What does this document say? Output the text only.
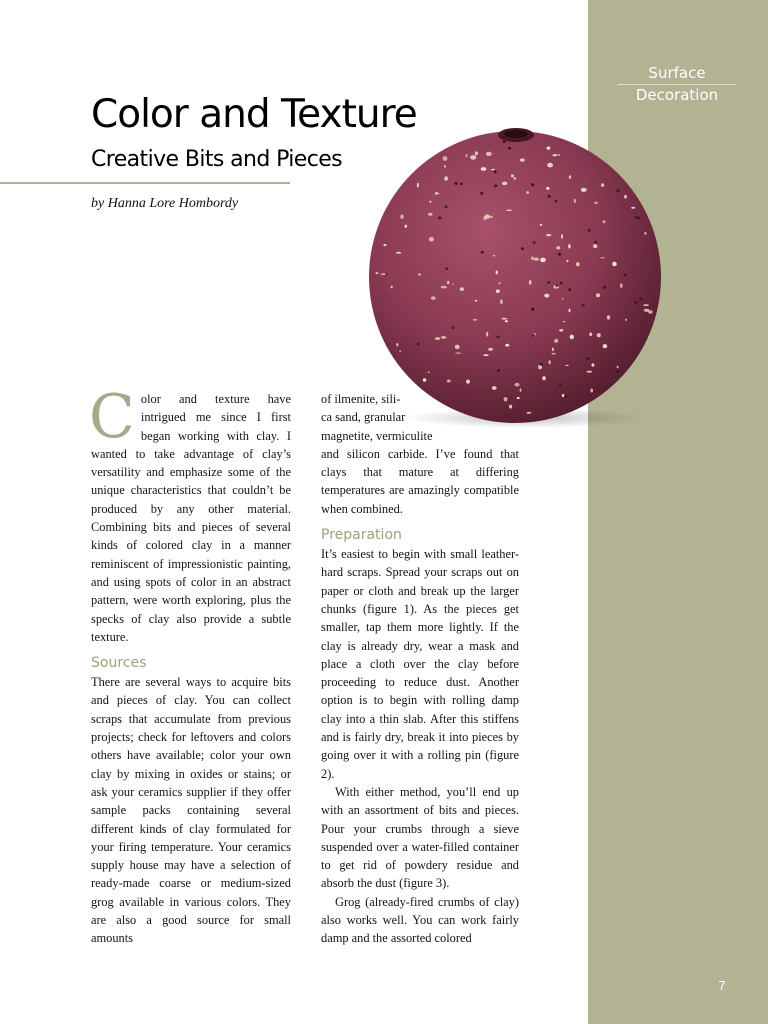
Surface
Decoration
Color and Texture
Creative Bits and Pieces
by Hanna Lore Hombordy

Color and texture have intrigued me since I first began working with clay. I wanted to take advantage of clay’s versatility and emphasize some of the unique characteristics that couldn’t be produced by any other material. Combining bits and pieces of several kinds of colored clay in a manner reminiscent of impressionistic painting, and using spots of color in an abstract pattern, were worth exploring, plus the specks of clay also provide a subtle texture.

Sources

There are several ways to acquire bits and pieces of clay. You can collect scraps that accumulate from previous projects; check for leftovers and colors others have available; color your own clay by mixing in oxides or stains; or ask your ceramics supplier if they offer sample packs containing several different kinds of clay formulated for your firing temperature. Your ceramics supply house may have a selection of ready-made coarse or medium-sized grog available in various colors. They are also a good source for small amounts

of ilmenite, sili-
ca sand, granular
magnetite, vermiculite

and silicon carbide. I’ve found that clays that mature at differing temperatures are amazingly compatible when combined.

Preparation

It’s easiest to begin with small leather-hard scraps. Spread your scraps out on paper or cloth and break up the larger chunks (figure 1). As the pieces get smaller, tap them more lightly. If the clay is already dry, wear a mask and place a cloth over the clay before proceeding to reduce dust. Another option is to begin with rolling damp clay into a thin slab. After this stiffens and is fairly dry, break it into pieces by going over it with a rolling pin (figure 2).

With either method, you’ll end up with an assortment of bits and pieces. Pour your crumbs through a sieve suspended over a water-filled container to get rid of powdery residue and absorb the dust (figure 3).

Grog (already-fired crumbs of clay) also works well. You can work fairly damp and the assorted colored

7
